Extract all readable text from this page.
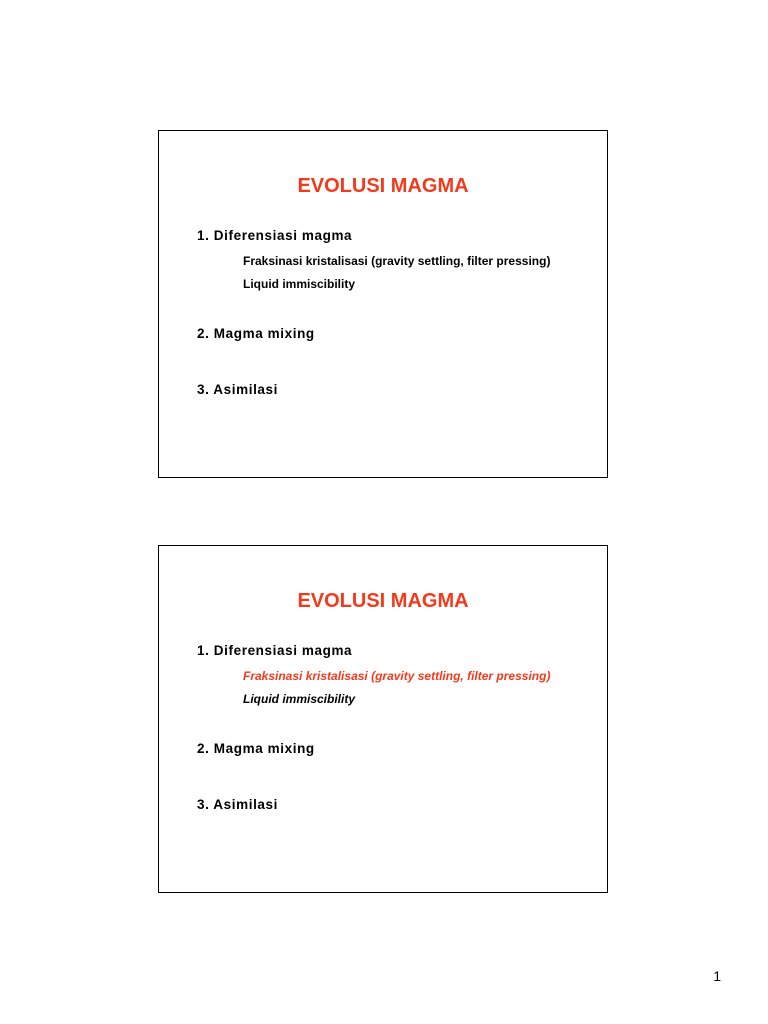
EVOLUSI MAGMA

1. Diferensiasi magma

Fraksinasi kristalisasi (gravity settling, filter pressing)

Liquid immiscibility

2. Magma mixing

3. Asimilasi

EVOLUSI MAGMA

1. Diferensiasi magma

Fraksinasi kristalisasi (gravity settling, filter pressing)

Liquid immiscibility

2. Magma mixing

3. Asimilasi

1
